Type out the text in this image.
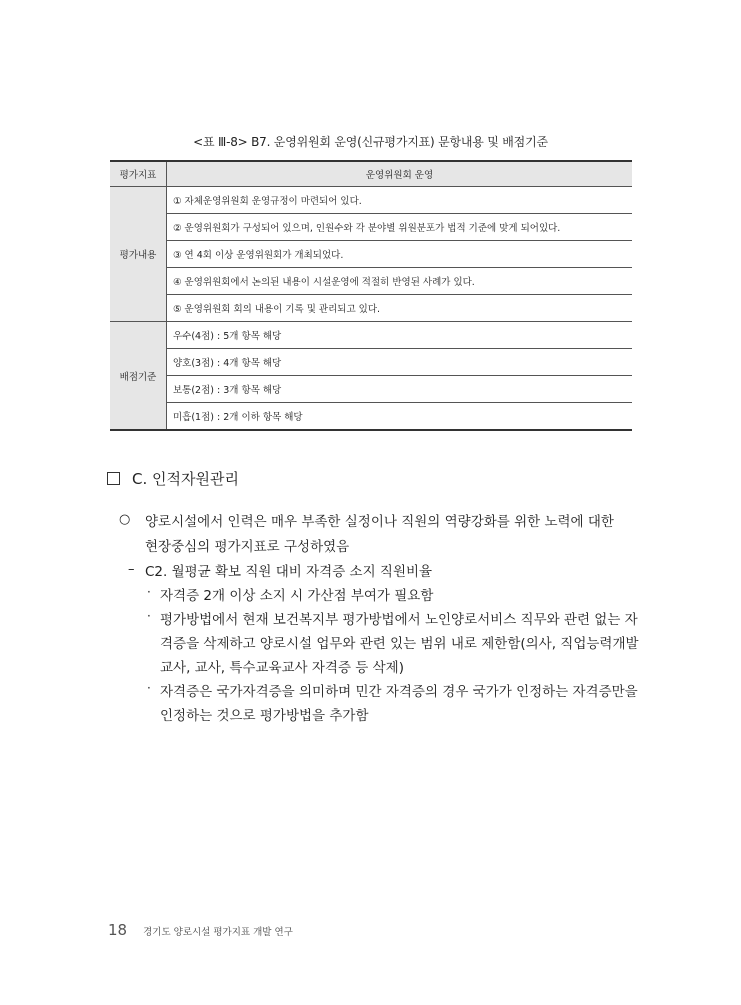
<표 Ⅲ-8> B7. 운영위원회 운영(신규평가지표) 문항내용 및 배점기준
평가지표	운영위원회 운영
평가내용	① 자체운영위원회 운영규정이 마련되어 있다.
	② 운영위원회가 구성되어 있으며, 인원수와 각 분야별 위원분포가 법적 기준에 맞게 되어있다.
	③ 연 4회 이상 운영위원회가 개최되었다.
	④ 운영위원회에서 논의된 내용이 시설운영에 적절히 반영된 사례가 있다.
	⑤ 운영위원회 회의 내용이 기록 및 관리되고 있다.
배점기준	우수(4점) : 5개 항목 해당
	양호(3점) : 4개 항목 해당
	보통(2점) : 3개 항목 해당
	미흡(1점) : 2개 이하 항목 해당
C. 인적자원관리
○ 양로시설에서 인력은 매우 부족한 실정이나 직원의 역량강화를 위한 노력에 대한
현장중심의 평가지표로 구성하였음
– C2. 월평균 확보 직원 대비 자격증 소지 직원비율
· 자격증 2개 이상 소지 시 가산점 부여가 필요함
· 평가방법에서 현재 보건복지부 평가방법에서 노인양로서비스 직무와 관련 없는 자
격증을 삭제하고 양로시설 업무와 관련 있는 범위 내로 제한함(의사, 직업능력개발
교사, 교사, 특수교육교사 자격증 등 삭제)
· 자격증은 국가자격증을 의미하며 민간 자격증의 경우 국가가 인정하는 자격증만을
인정하는 것으로 평가방법을 추가함
18 경기도 양로시설 평가지표 개발 연구
